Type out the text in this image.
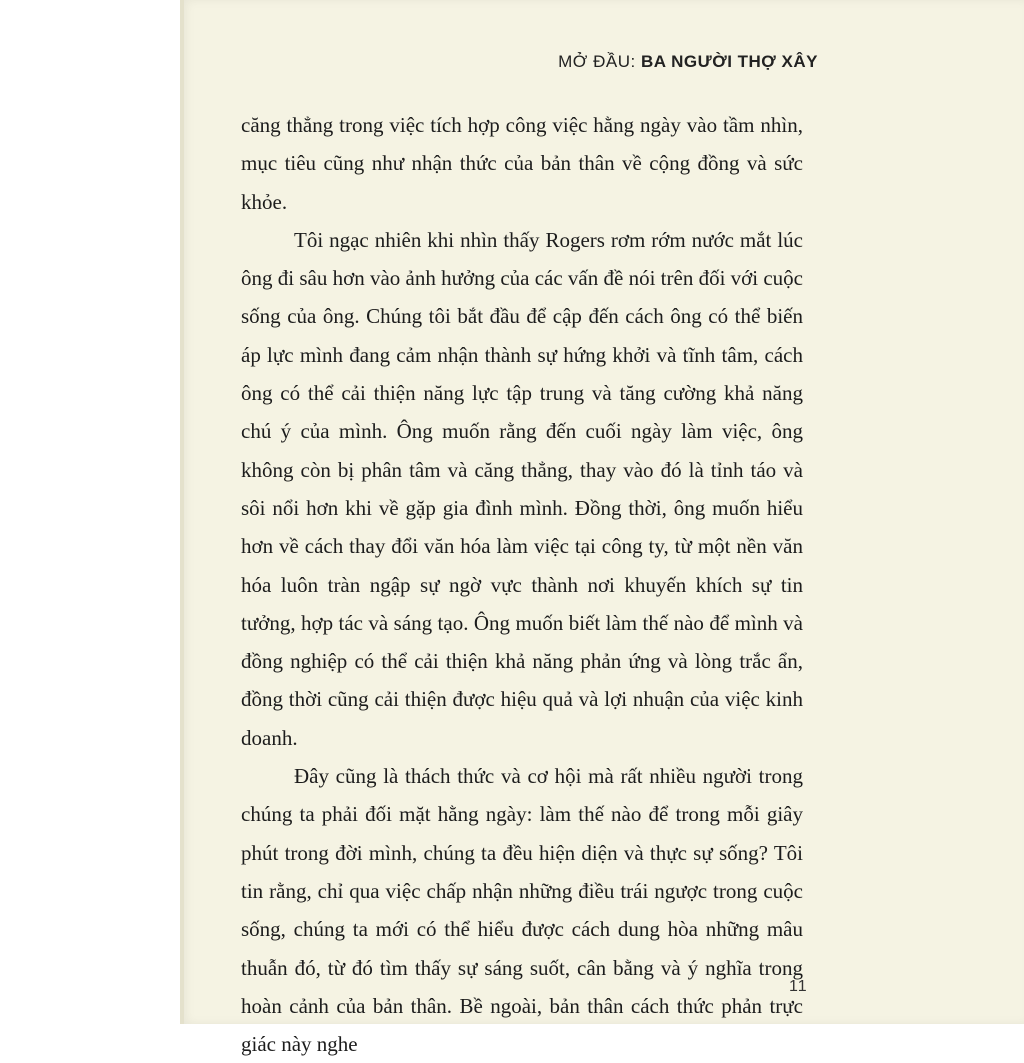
MỞ ĐẦU: BA NGƯỜI THỢ XÂY

căng thẳng trong việc tích hợp công việc hằng ngày vào tầm nhìn, mục tiêu cũng như nhận thức của bản thân về cộng đồng và sức khỏe.

Tôi ngạc nhiên khi nhìn thấy Rogers rơm rớm nước mắt lúc ông đi sâu hơn vào ảnh hưởng của các vấn đề nói trên đối với cuộc sống của ông. Chúng tôi bắt đầu để cập đến cách ông có thể biến áp lực mình đang cảm nhận thành sự hứng khởi và tĩnh tâm, cách ông có thể cải thiện năng lực tập trung và tăng cường khả năng chú ý của mình. Ông muốn rằng đến cuối ngày làm việc, ông không còn bị phân tâm và căng thẳng, thay vào đó là tỉnh táo và sôi nổi hơn khi về gặp gia đình mình. Đồng thời, ông muốn hiểu hơn về cách thay đổi văn hóa làm việc tại công ty, từ một nền văn hóa luôn tràn ngập sự ngờ vực thành nơi khuyến khích sự tin tưởng, hợp tác và sáng tạo. Ông muốn biết làm thế nào để mình và đồng nghiệp có thể cải thiện khả năng phản ứng và lòng trắc ẩn, đồng thời cũng cải thiện được hiệu quả và lợi nhuận của việc kinh doanh.

Đây cũng là thách thức và cơ hội mà rất nhiều người trong chúng ta phải đối mặt hằng ngày: làm thế nào để trong mỗi giây phút trong đời mình, chúng ta đều hiện diện và thực sự sống? Tôi tin rằng, chỉ qua việc chấp nhận những điều trái ngược trong cuộc sống, chúng ta mới có thể hiểu được cách dung hòa những mâu thuẫn đó, từ đó tìm thấy sự sáng suốt, cân bằng và ý nghĩa trong hoàn cảnh của bản thân. Bề ngoài, bản thân cách thức phản trực giác này nghe

11
